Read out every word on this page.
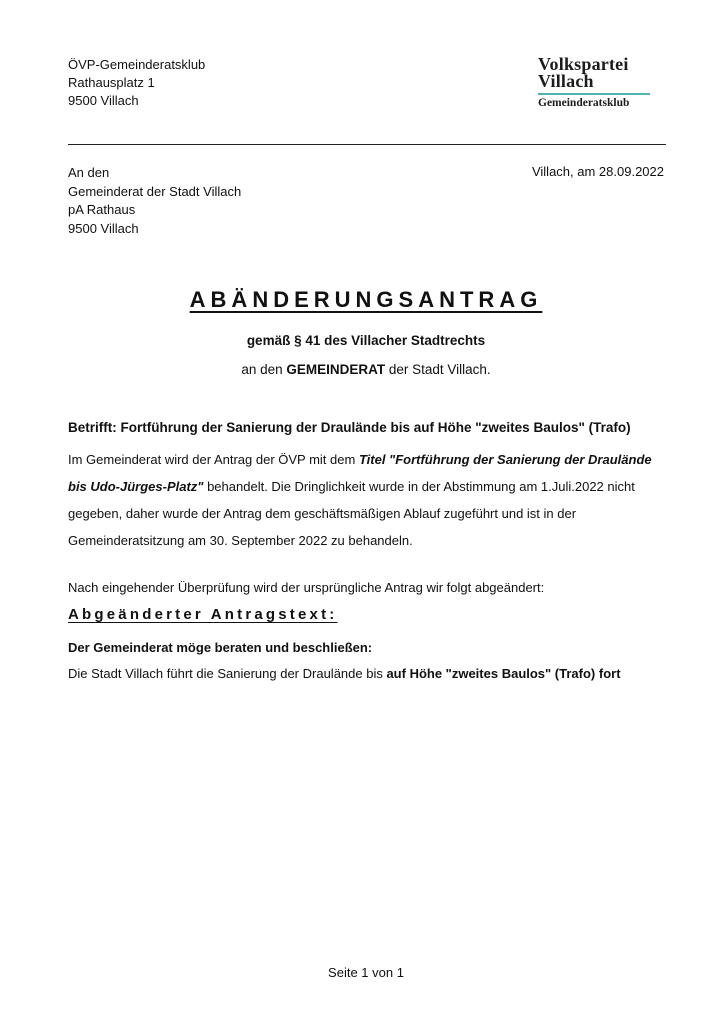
ÖVP-Gemeinderatsklub
Rathausplatz 1
9500 Villach
Volkspartei
Villach
Gemeinderatsklub
An den
Gemeinderat der Stadt Villach
pA Rathaus
9500 Villach
Villach, am 28.09.2022
ABÄNDERUNGSANTRAG
gemäß § 41 des Villacher Stadtrechts
an den GEMEINDERAT der Stadt Villach.
Betrifft: Fortführung der Sanierung der Draulände bis auf Höhe "zweites Baulos" (Trafo)
Im Gemeinderat wird der Antrag der ÖVP mit dem Titel "Fortführung der Sanierung der Draulände
bis Udo-Jürges-Platz" behandelt. Die Dringlichkeit wurde in der Abstimmung am 1.Juli.2022 nicht
gegeben, daher wurde der Antrag dem geschäftsmäßigen Ablauf zugeführt und ist in der
Gemeinderatsitzung am 30. September 2022 zu behandeln.
Nach eingehender Überprüfung wird der ursprüngliche Antrag wir folgt abgeändert:
Abgeänderter Antragstext:
Der Gemeinderat möge beraten und beschließen:
Die Stadt Villach führt die Sanierung der Drauländе bis auf Höhe "zweites Baulos" (Trafo) fort
Seite 1 von 1
